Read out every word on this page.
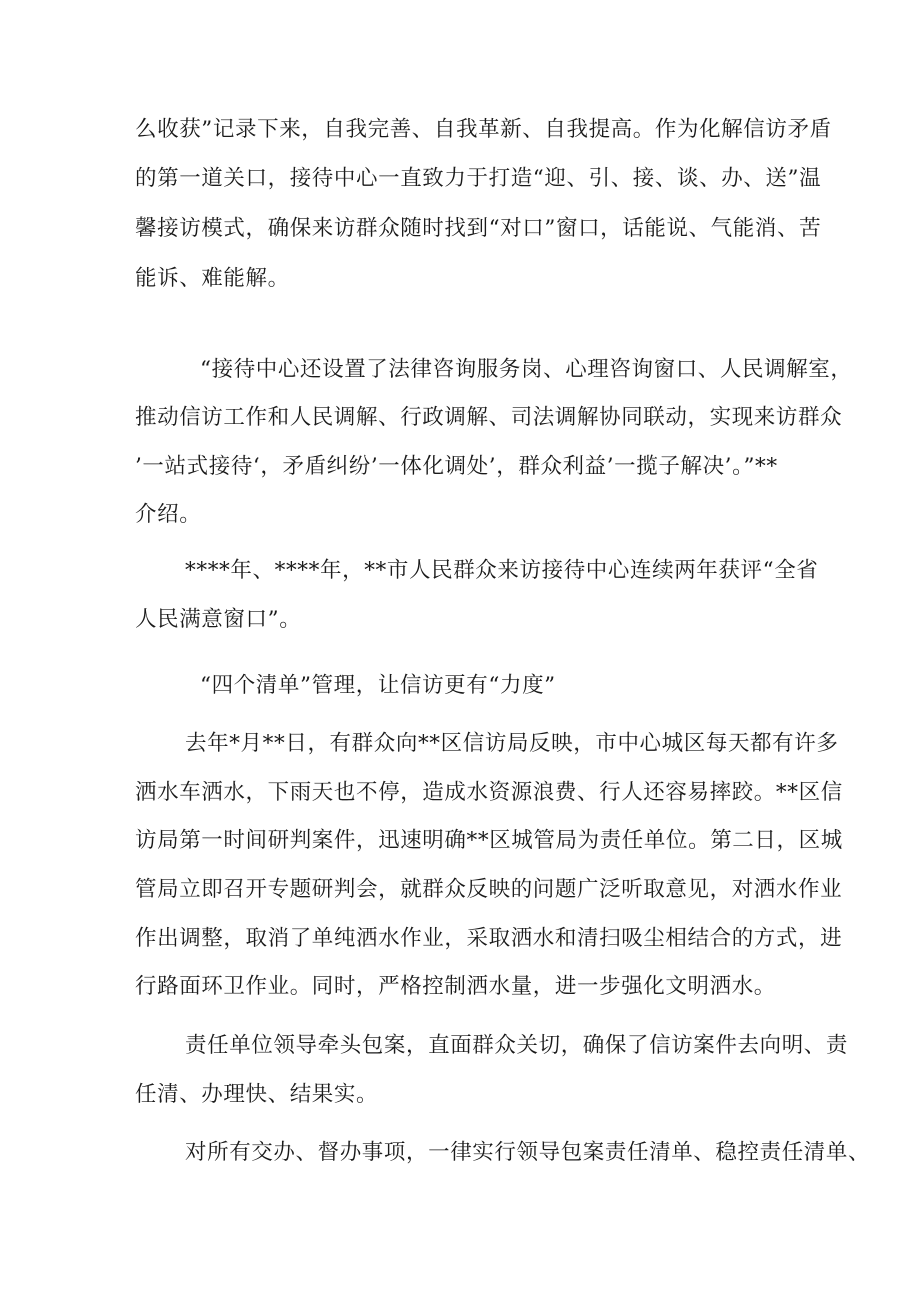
么收获”记录下来，自我完善、自我革新、自我提高。作为化解信访矛盾
的第一道关口，接待中心一直致力于打造“迎、引、接、谈、办、送”温
馨接访模式，确保来访群众随时找到“对口”窗口，话能说、气能消、苦
能诉、难能解。
“接待中心还设置了法律咨询服务岗、心理咨询窗口、人民调解室，
推动信访工作和人民调解、行政调解、司法调解协同联动，实现来访群众
’一站式接待‘，矛盾纠纷’一体化调处’，群众利益’一揽子解决’。”**
介绍。
****年、****年，**市人民群众来访接待中心连续两年获评“全省
人民满意窗口”。
“四个清单”管理，让信访更有“力度”
去年*月**日，有群众向**区信访局反映，市中心城区每天都有许多
洒水车洒水，下雨天也不停，造成水资源浪费、行人还容易摔跤。**区信
访局第一时间研判案件，迅速明确**区城管局为责任单位。第二日，区城
管局立即召开专题研判会，就群众反映的问题广泛听取意见，对洒水作业
作出调整，取消了单纯洒水作业，采取洒水和清扫吸尘相结合的方式，进
行路面环卫作业。同时，严格控制洒水量，进一步强化文明洒水。
责任单位领导牵头包案，直面群众关切，确保了信访案件去向明、责
任清、办理快、结果实。
对所有交办、督办事项，一律实行领导包案责任清单、稳控责任清单、
